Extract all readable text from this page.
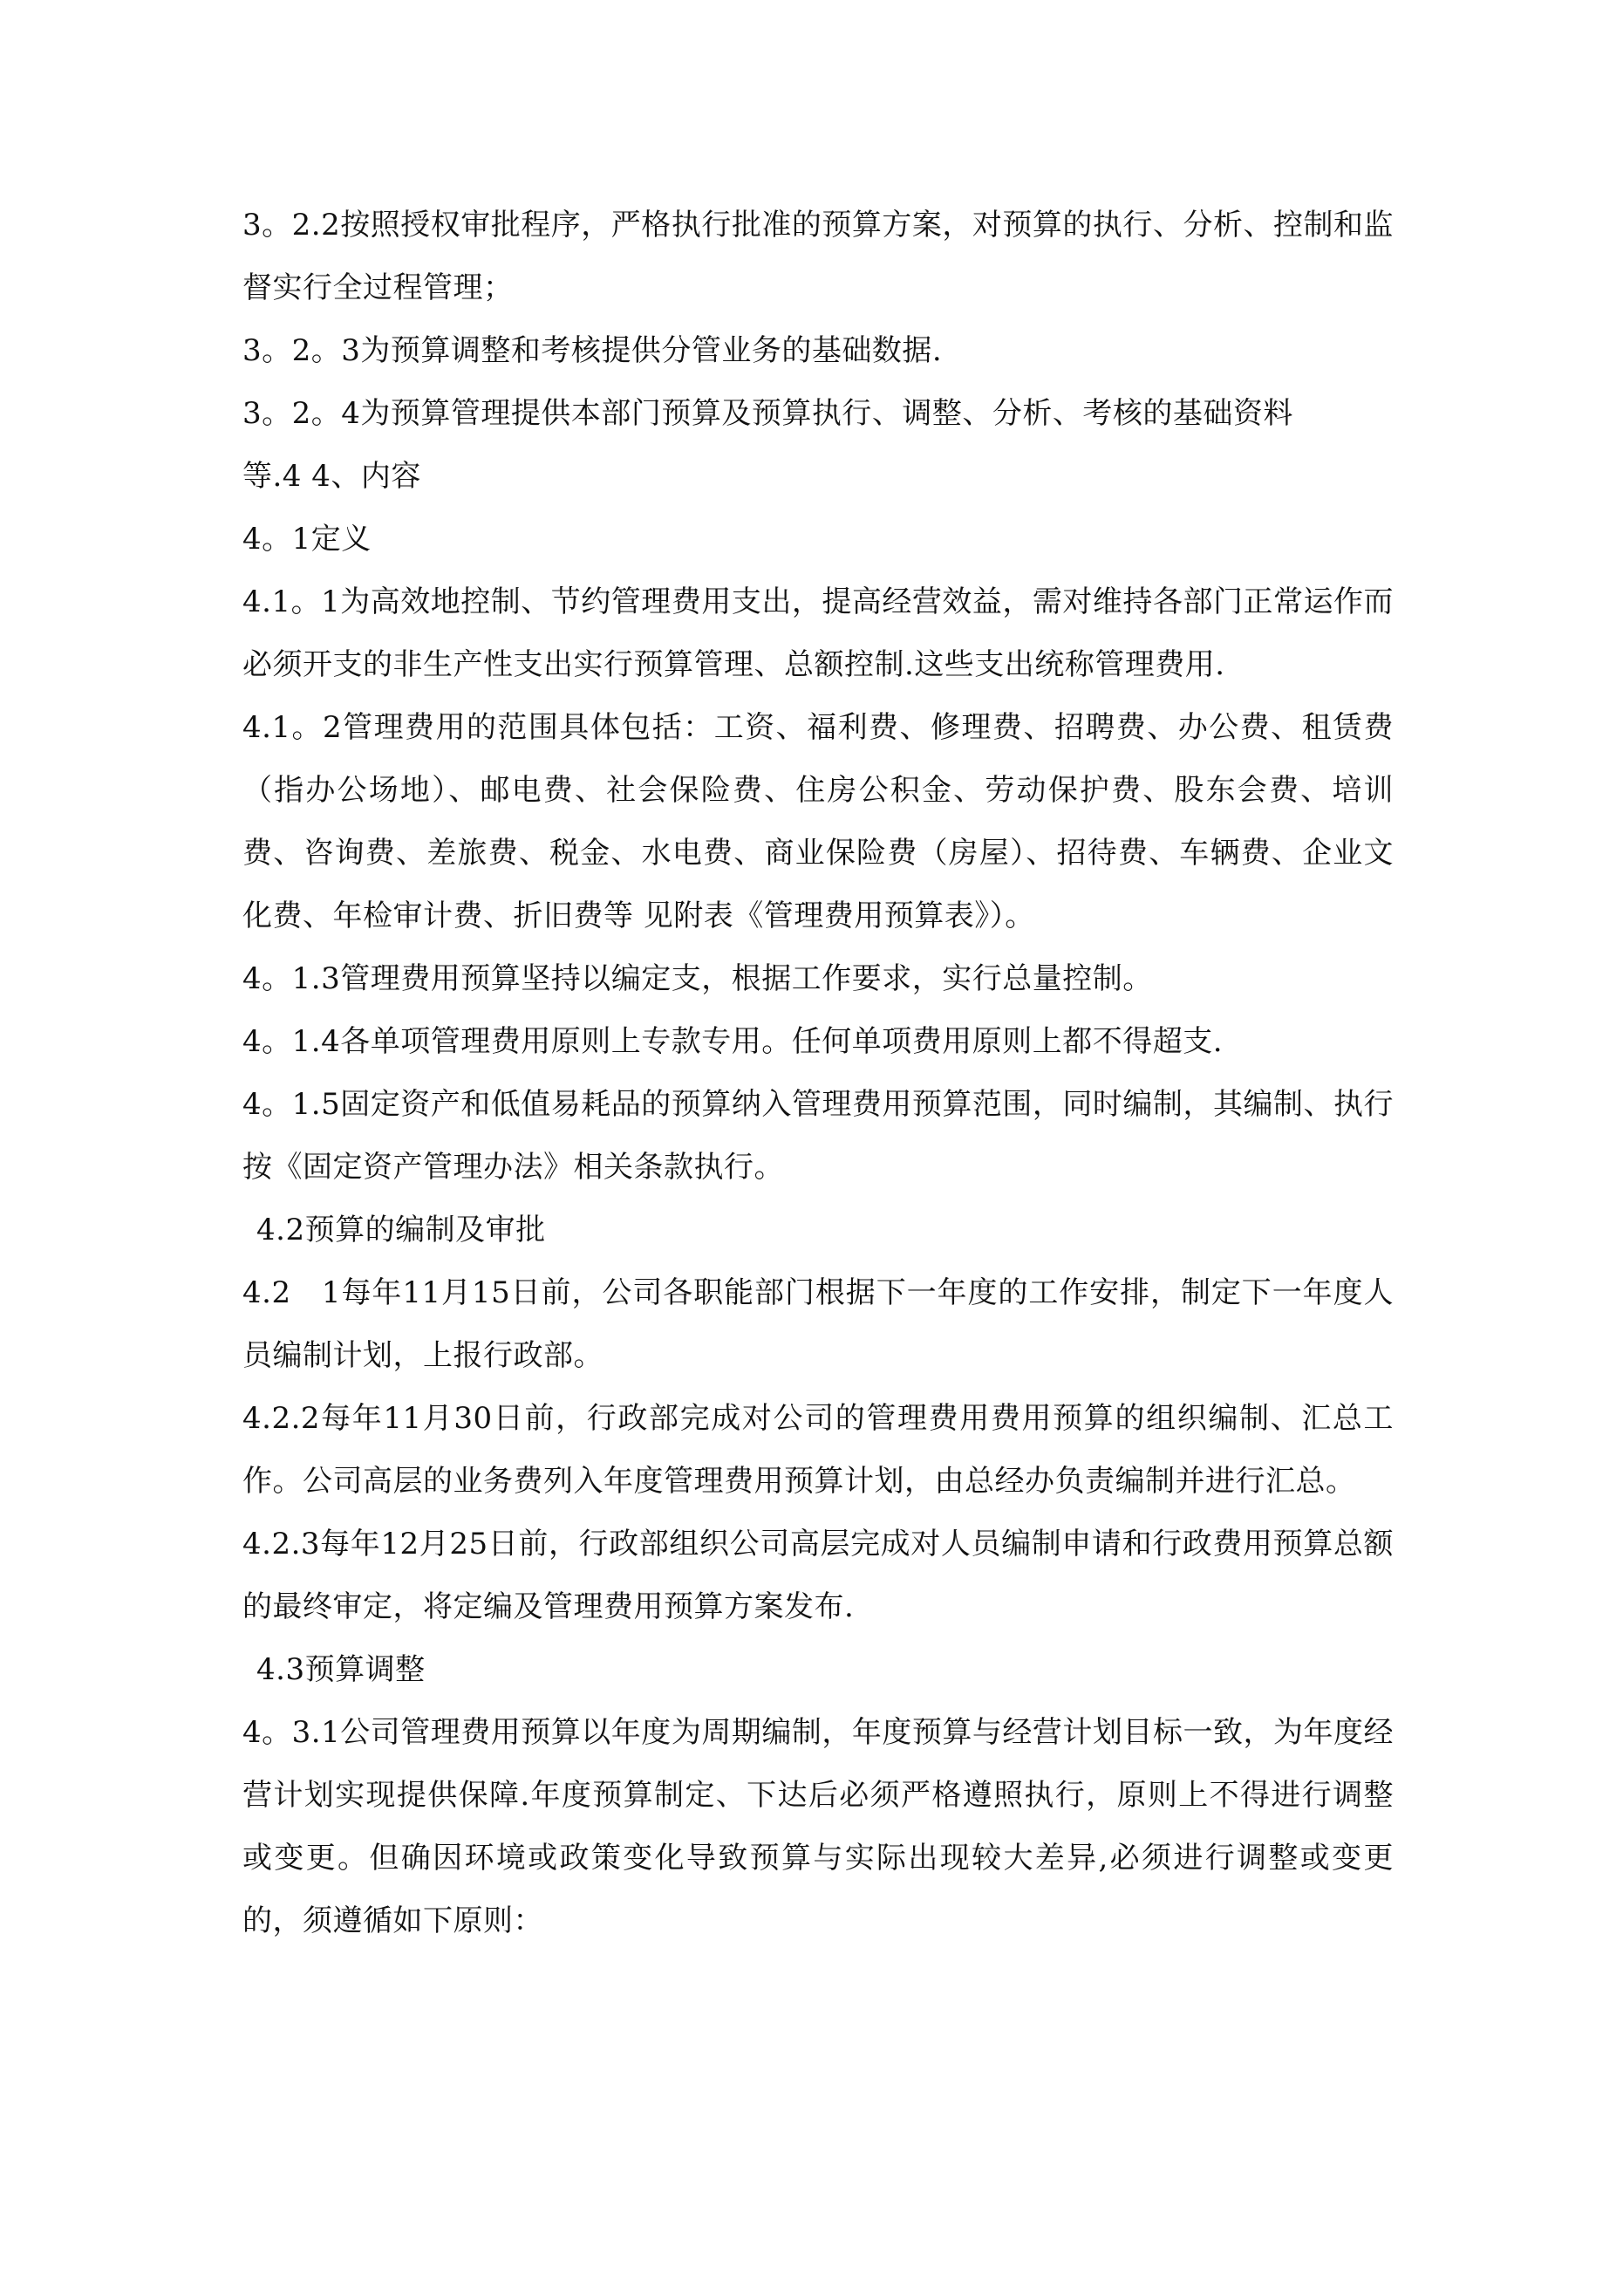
3。2.2按照授权审批程序，严格执行批准的预算方案，对预算的执行、分析、控制和监督实行全过程管理；

3。2。3为预算调整和考核提供分管业务的基础数据.

3。2。4为预算管理提供本部门预算及预算执行、调整、分析、考核的基础资料

等.4 4、内容

4。1定义

4.1。1为高效地控制、节约管理费用支出，提高经营效益，需对维持各部门正常运作而必须开支的非生产性支出实行预算管理、总额控制.这些支出统称管理费用.

4.1。2管理费用的范围具体包括：工资、福利费、修理费、招聘费、办公费、租赁费（指办公场地）、邮电费、社会保险费、住房公积金、劳动保护费、股东会费、培训费、咨询费、差旅费、税金、水电费、商业保险费（房屋）、招待费、车辆费、企业文化费、年检审计费、折旧费等 见附表《管理费用预算表》）。

4。1.3管理费用预算坚持以编定支，根据工作要求，实行总量控制。

4。1.4各单项管理费用原则上专款专用。任何单项费用原则上都不得超支.

4。1.5固定资产和低值易耗品的预算纳入管理费用预算范围，同时编制，其编制、执行按《固定资产管理办法》相关条款执行。

4.2预算的编制及审批

4.2　1每年11月15日前，公司各职能部门根据下一年度的工作安排，制定下一年度人员编制计划，上报行政部。

4.2.2每年11月30日前，行政部完成对公司的管理费用费用预算的组织编制、汇总工作。公司高层的业务费列入年度管理费用预算计划，由总经办负责编制并进行汇总。

4.2.3每年12月25日前，行政部组织公司高层完成对人员编制申请和行政费用预算总额的最终审定，将定编及管理费用预算方案发布.

4.3预算调整

4。3.1公司管理费用预算以年度为周期编制，年度预算与经营计划目标一致，为年度经营计划实现提供保障.年度预算制定、下达后必须严格遵照执行，原则上不得进行调整或变更。但确因环境或政策变化导致预算与实际出现较大差异,必须进行调整或变更的，须遵循如下原则：
